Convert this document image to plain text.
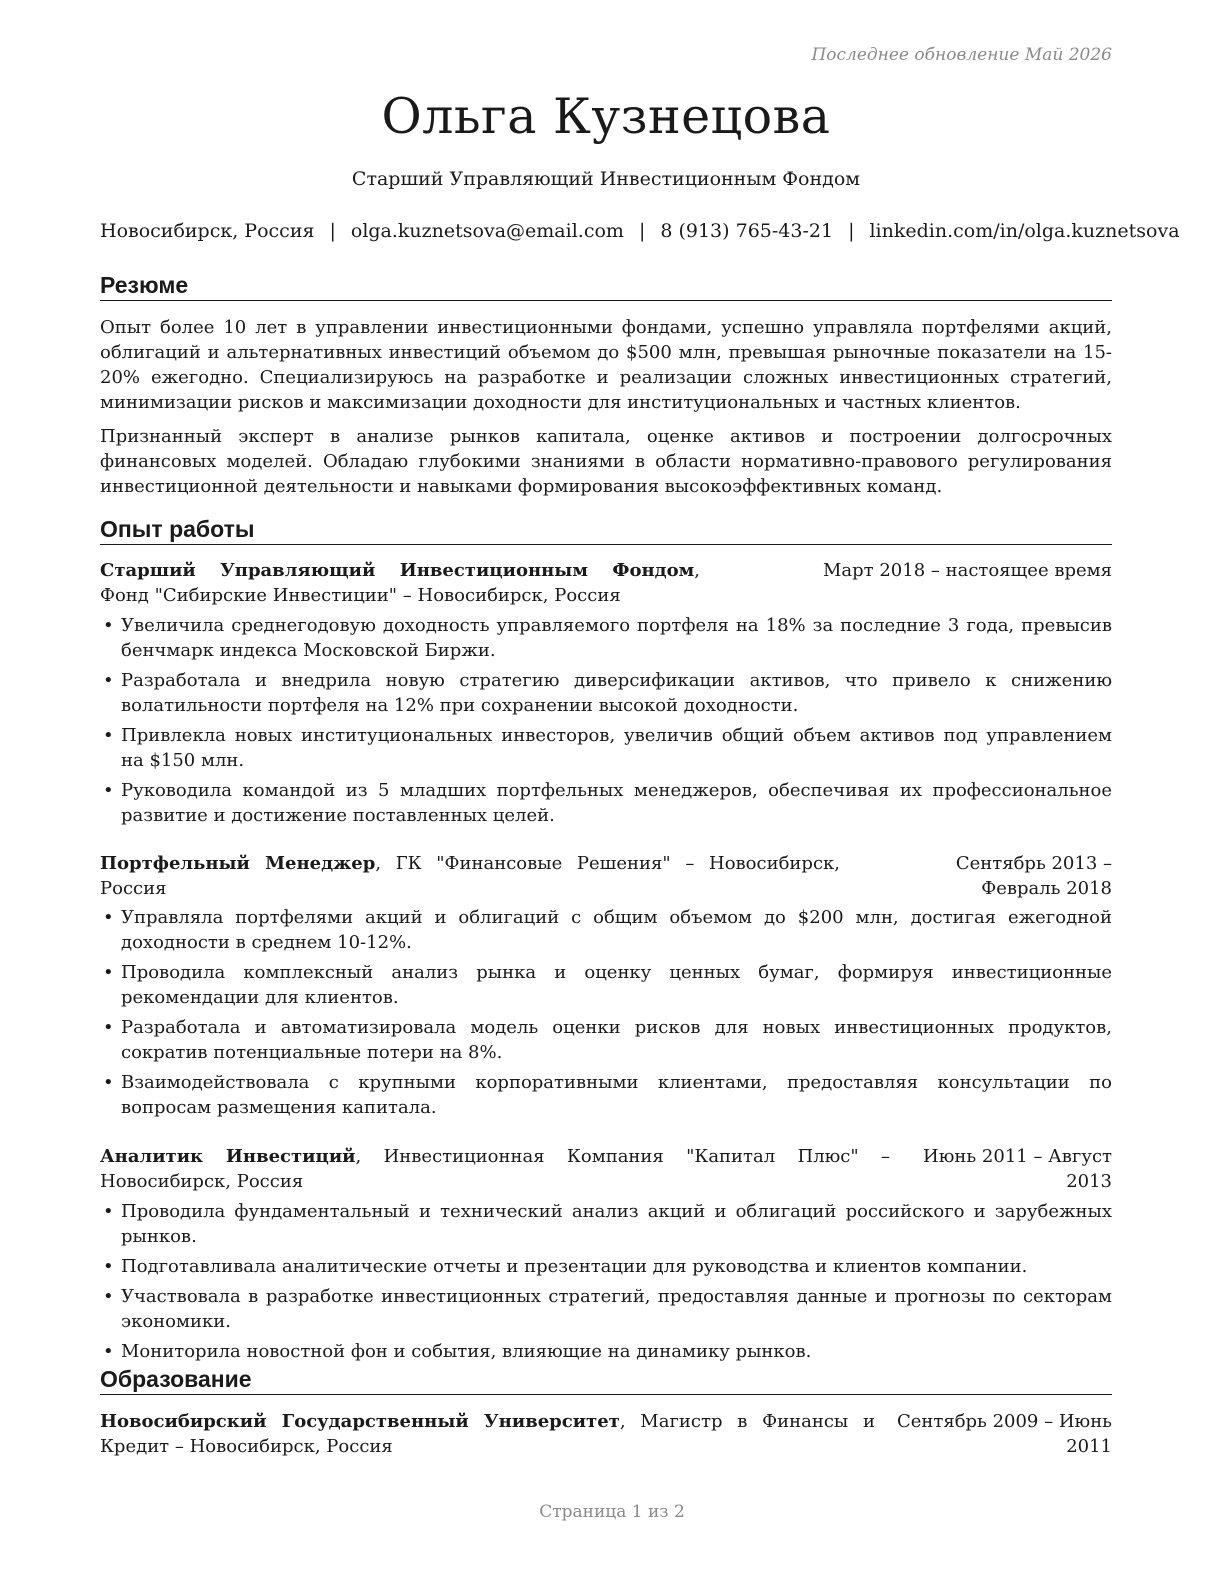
Последнее обновление Май 2026
Ольга Кузнецова
Старший Управляющий Инвестиционным Фондом
Новосибирск, Россия | olga.kuznetsova@email.com | 8 (913) 765-43-21 | linkedin.com/in/olga.kuznetsova
Резюме

Опыт более 10 лет в управлении инвестиционными фондами, успешно управляла портфелями акций, облигаций и альтернативных инвестиций объемом до $500 млн, превышая рыночные показатели на 15-20% ежегодно. Специализируюсь на разработке и реализации сложных инвестиционных стратегий, минимизации рисков и максимизации доходности для институциональных и частных клиентов.

Признанный эксперт в анализе рынков капитала, оценке активов и построении долгосрочных финансовых моделей. Обладаю глубокими знаниями в области нормативно-правового регулирования инвестиционной деятельности и навыками формирования высокоэффективных команд.

Опыт работы
Старший Управляющий Инвестиционным Фондом, Фонд "Сибирские Инвестиции" – Новосибирск, Россия
Март 2018 – настоящее время
• Увеличила среднегодовую доходность управляемого портфеля на 18% за последние 3 года, превысив бенчмарк индекса Московской Биржи.
• Разработала и внедрила новую стратегию диверсификации активов, что привело к снижению волатильности портфеля на 12% при сохранении высокой доходности.
• Привлекла новых институциональных инвесторов, увеличив общий объем активов под управлением на $150 млн.
• Руководила командой из 5 младших портфельных менеджеров, обеспечивая их профессиональное развитие и достижение поставленных целей.
Портфельный Менеджер, ГК "Финансовые Решения" – Новосибирск, Россия
Сентябрь 2013 – Февраль 2018
• Управляла портфелями акций и облигаций с общим объемом до $200 млн, достигая ежегодной доходности в среднем 10-12%.
• Проводила комплексный анализ рынка и оценку ценных бумаг, формируя инвестиционные рекомендации для клиентов.
• Разработала и автоматизировала модель оценки рисков для новых инвестиционных продуктов, сократив потенциальные потери на 8%.
• Взаимодействовала с крупными корпоративными клиентами, предоставляя консультации по вопросам размещения капитала.
Аналитик Инвестиций, Инвестиционная Компания "Капитал Плюс" – Новосибирск, Россия
Июнь 2011 – Август 2013
• Проводила фундаментальный и технический анализ акций и облигаций российского и зарубежных рынков.
• Подготавливала аналитические отчеты и презентации для руководства и клиентов компании.
• Участвовала в разработке инвестиционных стратегий, предоставляя данные и прогнозы по секторам экономики.
• Мониторила новостной фон и события, влияющие на динамику рынков.
Образование
Новосибирский Государственный Университет, Магистр в Финансы и Кредит – Новосибирск, Россия
Сентябрь 2009 – Июнь 2011
Страница 1 из 2
